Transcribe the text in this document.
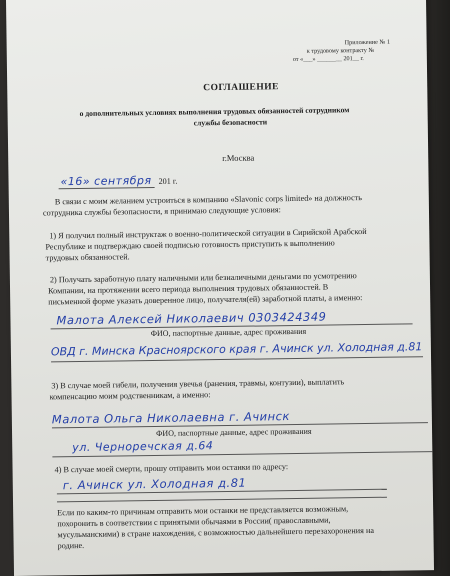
Приложение № 1
к трудовому контракту №
от «___» ________ 201__ г.
СОГЛАШЕНИЕ
о дополнительных условиях выполнения трудовых обязанностей сотрудником
службы безопасности
г.Москва
«16» сентября 201 г.
В связи с моим желанием устроиться в компанию «Slavonic corps limited» на должность
сотрудника службы безопасности, я принимаю следующие условия:
1) Я получил полный инструктаж о военно-политической ситуации в Сирийской Арабской
Республике и подтверждаю своей подписью готовность приступить к выполнению
трудовых обязанностей.
2) Получать заработную плату наличными или безналичными деньгами по усмотрению
Компании, на протяжении всего периода выполнения трудовых обязанностей. В
письменной форме указать доверенное лицо, получателя(ей) заработной платы, а именно:
Малота Алексей Николаевич 0303424349
ФИО, паспортные данные, адрес проживания
ОВД г. Минска Красноярского края г. Ачинск ул. Холодная д.81
3) В случае моей гибели, получения увечья (ранения, травмы, контузии), выплатить
компенсацию моим родственникам, а именно:
Малота Ольга Николаевна г. Ачинск
ФИО, паспортные данные, адрес проживания
ул. Черноречская д.64
4) В случае моей смерти, прошу отправить мои останки по адресу:
г. Ачинск ул. Холодная д.81
Если по каким-то причинам отправить мои останки не представляется возможным,
похоронить в соответствии с принятыми обычаями в России( православными,
мусульманскими) в стране нахождения, с возможностью дальнейшего перезахоронения на
родине.
